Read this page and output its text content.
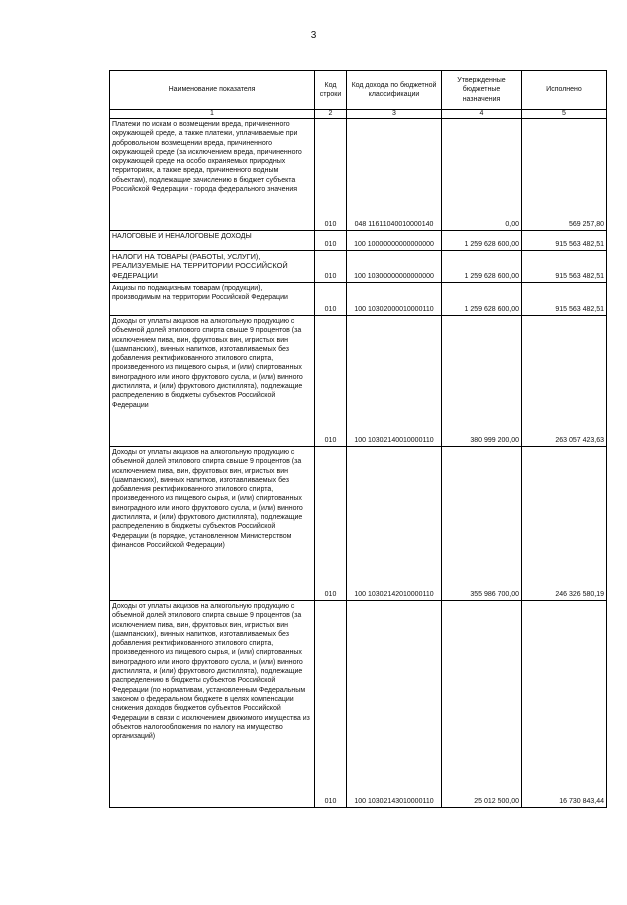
3
Наименование показателя	Код строки	Код дохода по бюджетной классификации	Утвержденные бюджетные назначения	Исполнено
1	2	3	4	5
Платежи по искам о возмещении вреда, причиненного окружающей среде, а также платежи, уплачиваемые при добровольном возмещении вреда, причиненного окружающей среде (за исключением вреда, причиненного окружающей среде на особо охраняемых природных территориях, а также вреда, причиненного водным объектам), подлежащие зачислению в бюджет субъекта Российской Федерации - города федерального значения	010	048 11611040010000140	0,00	569 257,80
НАЛОГОВЫЕ И НЕНАЛОГОВЫЕ ДОХОДЫ	010	100 10000000000000000	1 259 628 600,00	915 563 482,51
НАЛОГИ НА ТОВАРЫ (РАБОТЫ, УСЛУГИ), РЕАЛИЗУЕМЫЕ НА ТЕРРИТОРИИ РОССИЙСКОЙ ФЕДЕРАЦИИ	010	100 10300000000000000	1 259 628 600,00	915 563 482,51
Акцизы по подакцизным товарам (продукции), производимым на территории Российской Федерации	010	100 10302000010000110	1 259 628 600,00	915 563 482,51
Доходы от уплаты акцизов на алкогольную продукцию с объемной долей этилового спирта свыше 9 процентов (за исключением пива, вин, фруктовых вин, игристых вин (шампанских), винных напитков, изготавливаемых без добавления ректификованного этилового спирта, произведенного из пищевого сырья, и (или) спиртованных виноградного или иного фруктового сусла, и (или) винного дистиллята, и (или) фруктового дистиллята), подлежащие распределению в бюджеты субъектов Российской Федерации	010	100 10302140010000110	380 999 200,00	263 057 423,63
Доходы от уплаты акцизов на алкогольную продукцию с объемной долей этилового спирта свыше 9 процентов (за исключением пива, вин, фруктовых вин, игристых вин (шампанских), винных напитков, изготавливаемых без добавления ректификованного этилового спирта, произведенного из пищевого сырья, и (или) спиртованных виноградного или иного фруктового сусла, и (или) винного дистиллята, и (или) фруктового дистиллята), подлежащие распределению в бюджеты субъектов Российской Федерации (в порядке, установленном Министерством финансов Российской Федерации)	010	100 10302142010000110	355 986 700,00	246 326 580,19
Доходы от уплаты акцизов на алкогольную продукцию с объемной долей этилового спирта свыше 9 процентов (за исключением пива, вин, фруктовых вин, игристых вин (шампанских), винных напитков, изготавливаемых без добавления ректификованного этилового спирта, произведенного из пищевого сырья, и (или) спиртованных виноградного или иного фруктового сусла, и (или) винного дистиллята, и (или) фруктового дистиллята), подлежащие распределению в бюджеты субъектов Российской Федерации (по нормативам, установленным Федеральным законом о федеральном бюджете в целях компенсации снижения доходов бюджетов субъектов Российской Федерации в связи с исключением движимого имущества из объектов налогообложения по налогу на имущество организаций)	010	100 10302143010000110	25 012 500,00	16 730 843,44
